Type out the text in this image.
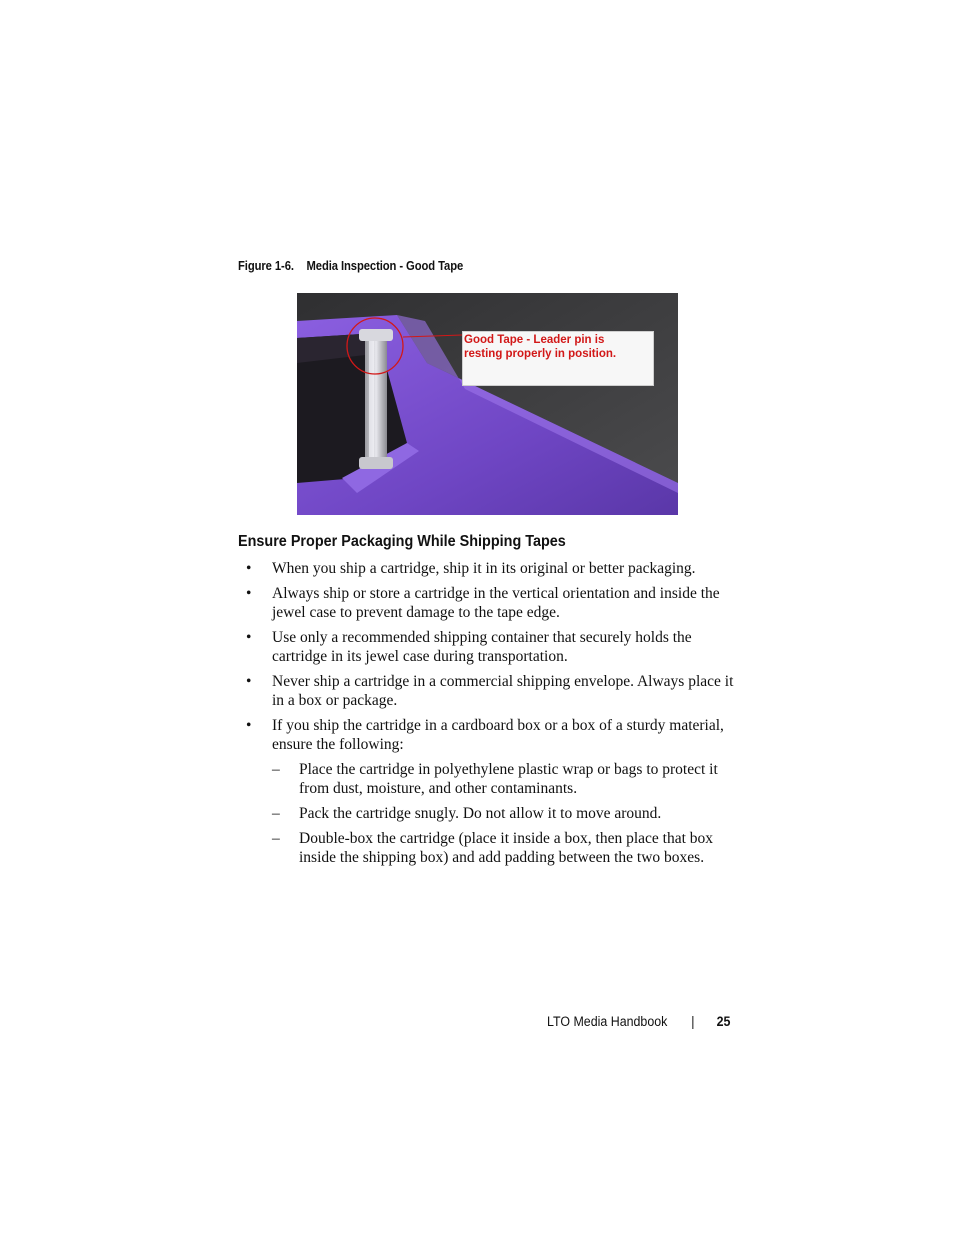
Figure 1-6. Media Inspection - Good Tape
Good Tape - Leader pin is
resting properly in position.
Ensure Proper Packaging While Shipping Tapes
• When you ship a cartridge, ship it in its original or better packaging.
• Always ship or store a cartridge in the vertical orientation and inside the jewel case to prevent damage to the tape edge.
• Use only a recommended shipping container that securely holds the cartridge in its jewel case during transportation.
• Never ship a cartridge in a commercial shipping envelope. Always place it in a box or package.
• If you ship the cartridge in a cardboard box or a box of a sturdy material, ensure the following:
– Place the cartridge in polyethylene plastic wrap or bags to protect it from dust, moisture, and other contaminants.
– Pack the cartridge snugly. Do not allow it to move around.
– Double-box the cartridge (place it inside a box, then place that box inside the shipping box) and add padding between the two boxes.
LTO Media Handbook | 25
